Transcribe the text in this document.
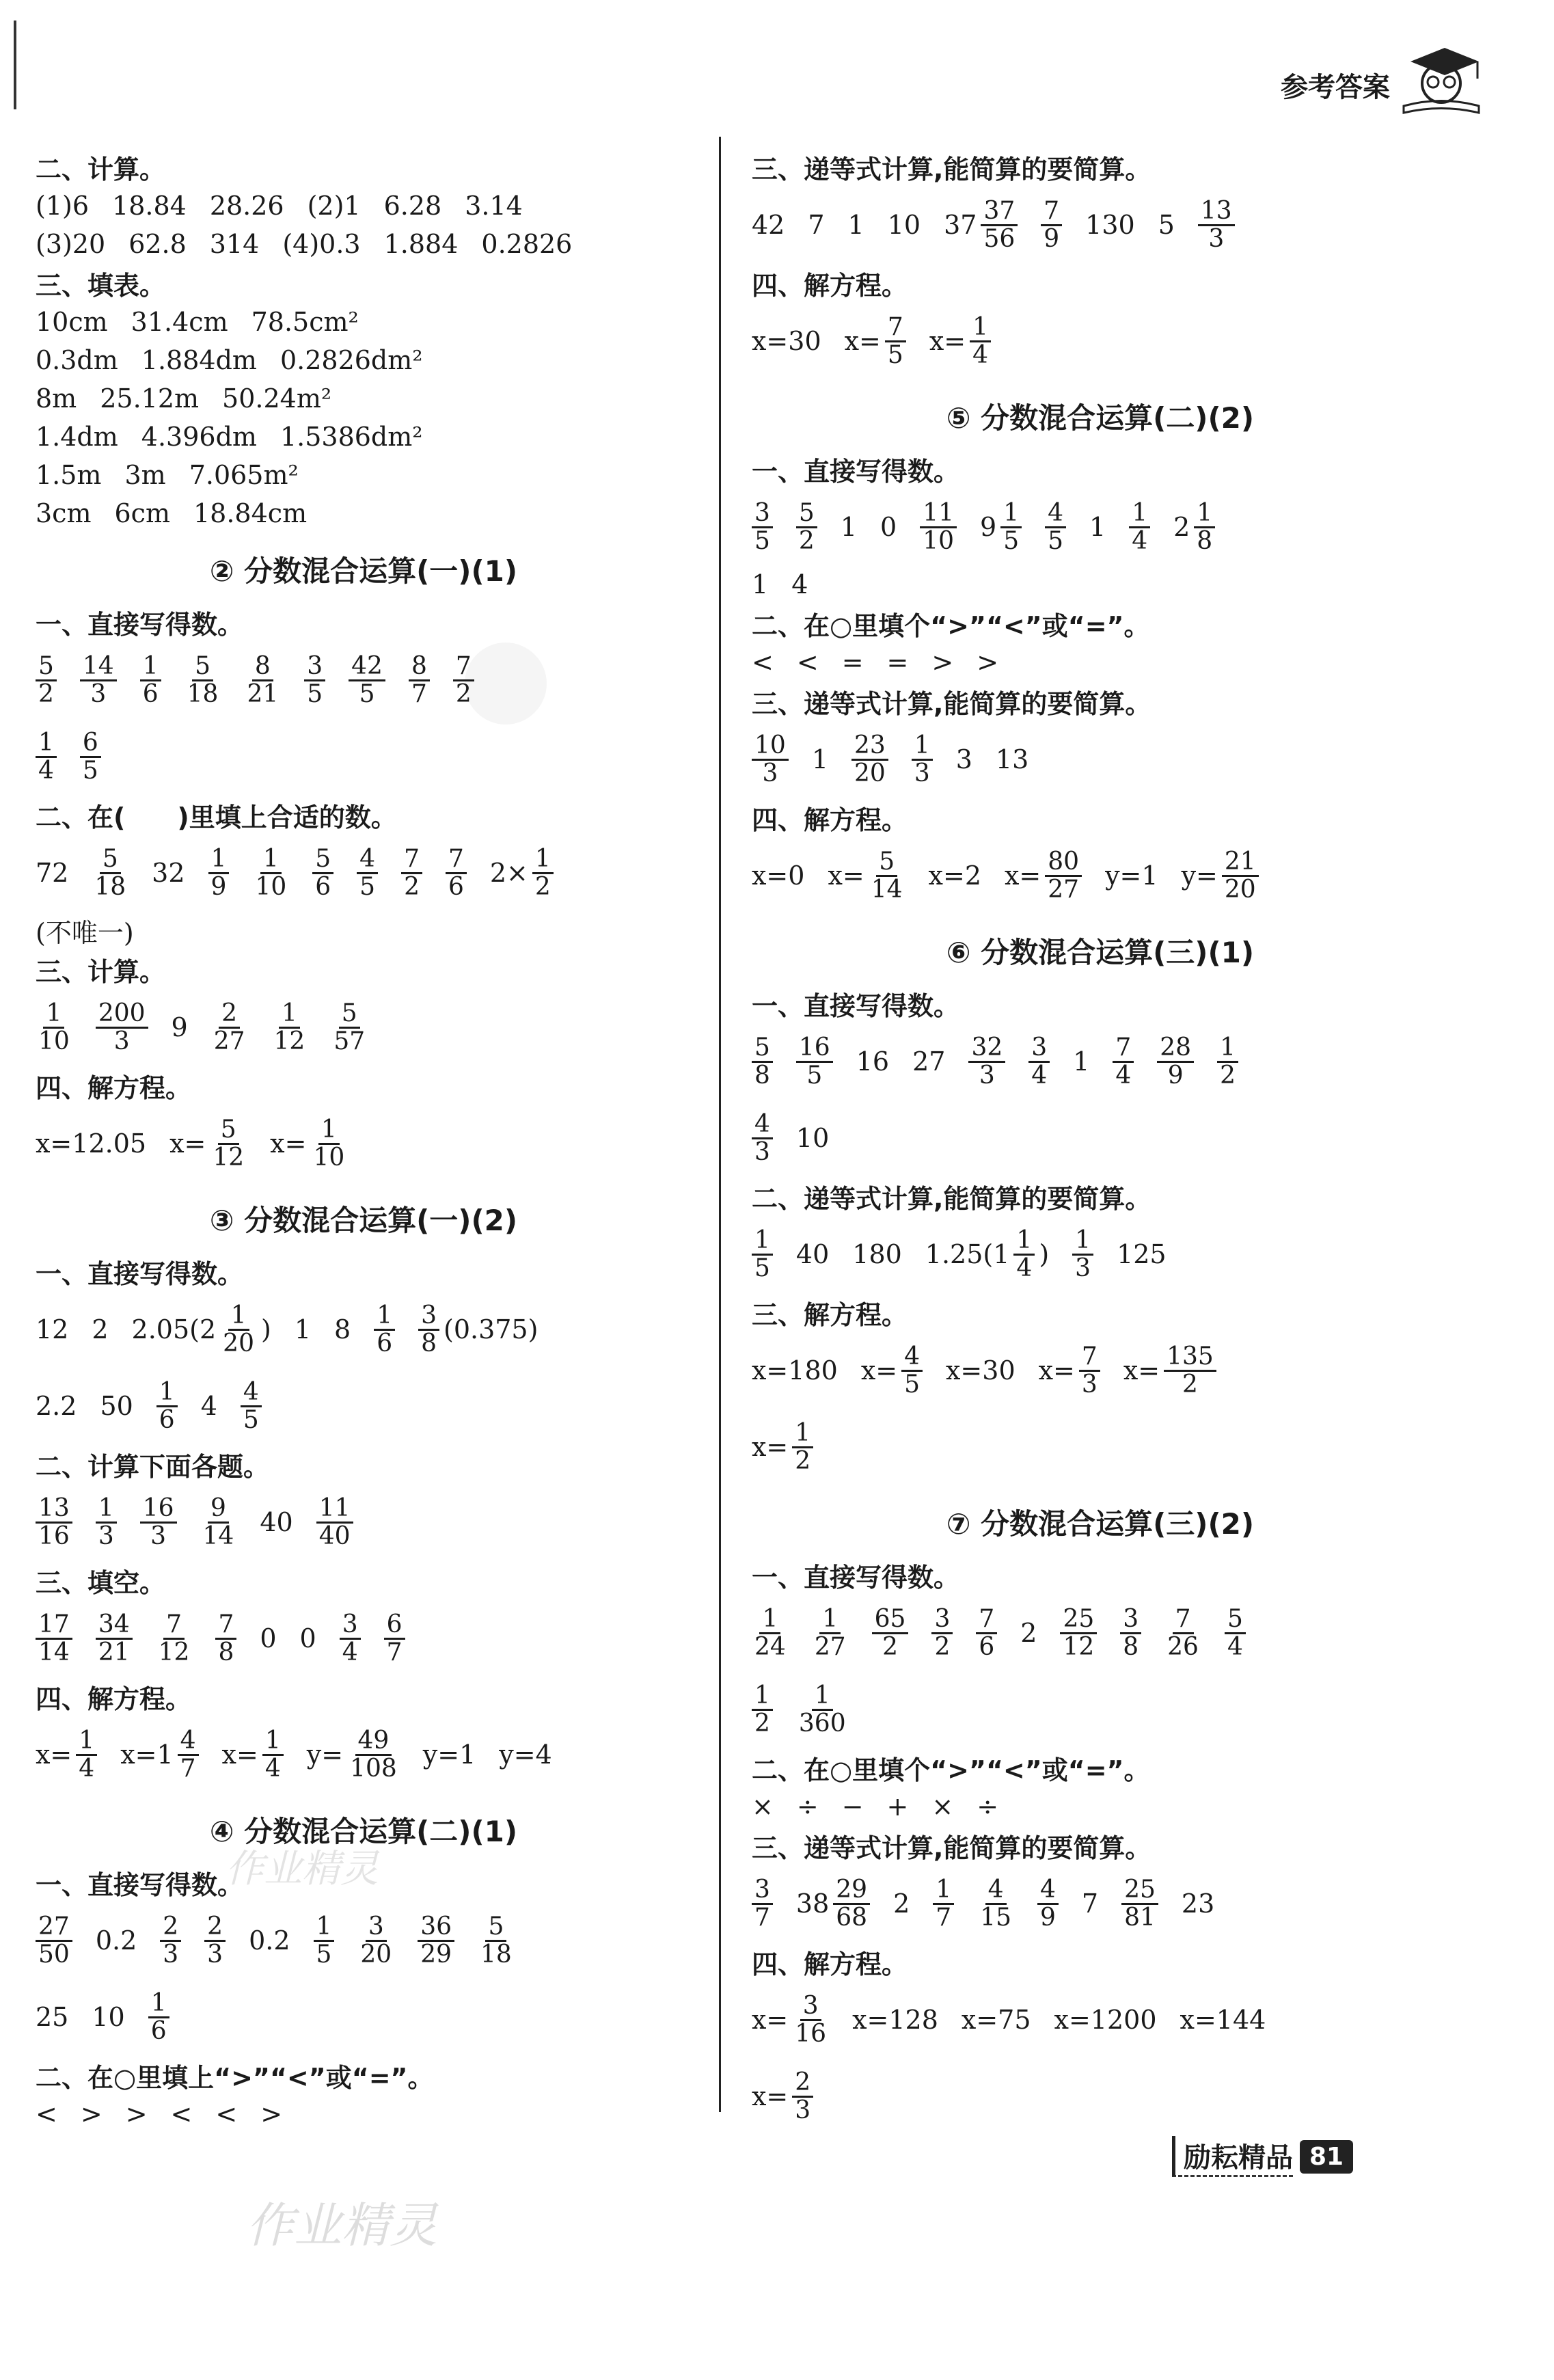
参考答案
二、计算。
(1)6 18.84 28.26 (2)1 6.28 3.14
(3)20 62.8 314 (4)0.3 1.884 0.2826
三、填表。
10cm 31.4cm 78.5cm²
0.3dm 1.884dm 0.2826dm²
8m 25.12m 50.24m²
1.4dm 4.396dm 1.5386dm²
1.5m 3m 7.065m²
3cm 6cm 18.84cm
② 分数混合运算(一)(1)
一、直接写得数。
$\frac{5}{2} \frac{14}{3} \frac{1}{6} \frac{5}{18} \frac{8}{21} \frac{3}{5} \frac{42}{5} \frac{8}{7} \frac{7}{2}$
$\frac{1}{4} \frac{6}{5}$
二、在(　　)里填上合适的数。
$72 \frac{5}{18} 32 \frac{1}{9} \frac{1}{10} \frac{5}{6} \frac{4}{5} \frac{7}{2} \frac{7}{6} 2\times \frac{1}{2}$
(不唯一)
三、计算。
$\frac{1}{10} \frac{200}{3} 9 \frac{2}{27} \frac{1}{12} \frac{5}{57}$
四、解方程。
x=12.05 $x= \frac{5}{12} x= \frac{1}{10}$
③ 分数混合运算(一)(2)
一、直接写得数。
12 2 $2.05(2 \frac{1}{20}$ ) 1 $8 \frac{1}{6} \frac{3}{8} (0.375)$
2.2 $50 \frac{1}{6} 4 \frac{4}{5}$
二、计算下面各题。
$\frac{13}{16} \frac{1}{3} \frac{16}{3} \frac{9}{14} 40 \frac{11}{40}$
三、填空。
$\frac{17}{14} \frac{34}{21} \frac{7}{12} \frac{7}{8} 0$ $0 \frac{3}{4} \frac{6}{7}$
四、解方程。
$x= \frac{1}{4} x=1 \frac{4}{7} x= \frac{1}{4} y= \frac{49}{108} y=1$ y=4
④ 分数混合运算(二)(1)
一、直接写得数。
$\frac{27}{50} 0.2 \frac{2}{3} \frac{2}{3} 0.2 \frac{1}{5} \frac{3}{20} \frac{36}{29} \frac{5}{18}$
25 $10 \frac{1}{6}$
二、在○里填上“>”“<”或“=”。
< > > < < >
三、递等式计算,能简算的要简算。
42 7 1 10 $37 \frac{37}{56} \frac{7}{9} 130$ $5 \frac{13}{3}$
四、解方程。
x=30 $x= \frac{7}{5} x= \frac{1}{4}$
⑤ 分数混合运算(二)(2)
一、直接写得数。
$\frac{3}{5} \frac{5}{2} 1$ $0 \frac{11}{10} 9 \frac{1}{5} \frac{4}{5} 1 \frac{1}{4} 2 \frac{1}{8}$
1 4
二、在○里填个“>”“<”或“=”。
< < = = > >
三、递等式计算,能简算的要简算。
$\frac{10}{3} 1 \frac{23}{20} \frac{1}{3} 3$ 13
四、解方程。
x=0 $x= \frac{5}{14} x=2$ $x= \frac{80}{27} y=1$ $y= \frac{21}{20}$
⑥ 分数混合运算(三)(1)
一、直接写得数。
$\frac{5}{8} \frac{16}{5} 16$ $27 \frac{32}{3} \frac{3}{4} 1 \frac{7}{4} \frac{28}{9} \frac{1}{2}$
$\frac{4}{3} 10$
二、递等式计算,能简算的要简算。
$\frac{1}{5} 40$ 180 $1.25(1 \frac{1}{4}$ ) $\frac{1}{3} 125$
三、解方程。
x=180 $x= \frac{4}{5} x=30$ $x= \frac{7}{3} x= \frac{135}{2}$
$x= \frac{1}{2}$
⑦ 分数混合运算(三)(2)
一、直接写得数。
$\frac{1}{24} \frac{1}{27} \frac{65}{2} \frac{3}{2} \frac{7}{6} 2 \frac{25}{12} \frac{3}{8} \frac{7}{26} \frac{5}{4}$
$\frac{1}{2} \frac{1}{360}$
二、在○里填个“>”“<”或“=”。
× ÷ − + × ÷
三、递等式计算,能简算的要简算。
$\frac{3}{7} 38 \frac{29}{68} 2 \frac{1}{7} \frac{4}{15} \frac{4}{9} 7 \frac{25}{81} 23$
四、解方程。
$x= \frac{3}{16} x=128$ x=75 x=1200 x=144
$x= \frac{2}{3}$
作业精灵
作业精灵
励耘精品 81
